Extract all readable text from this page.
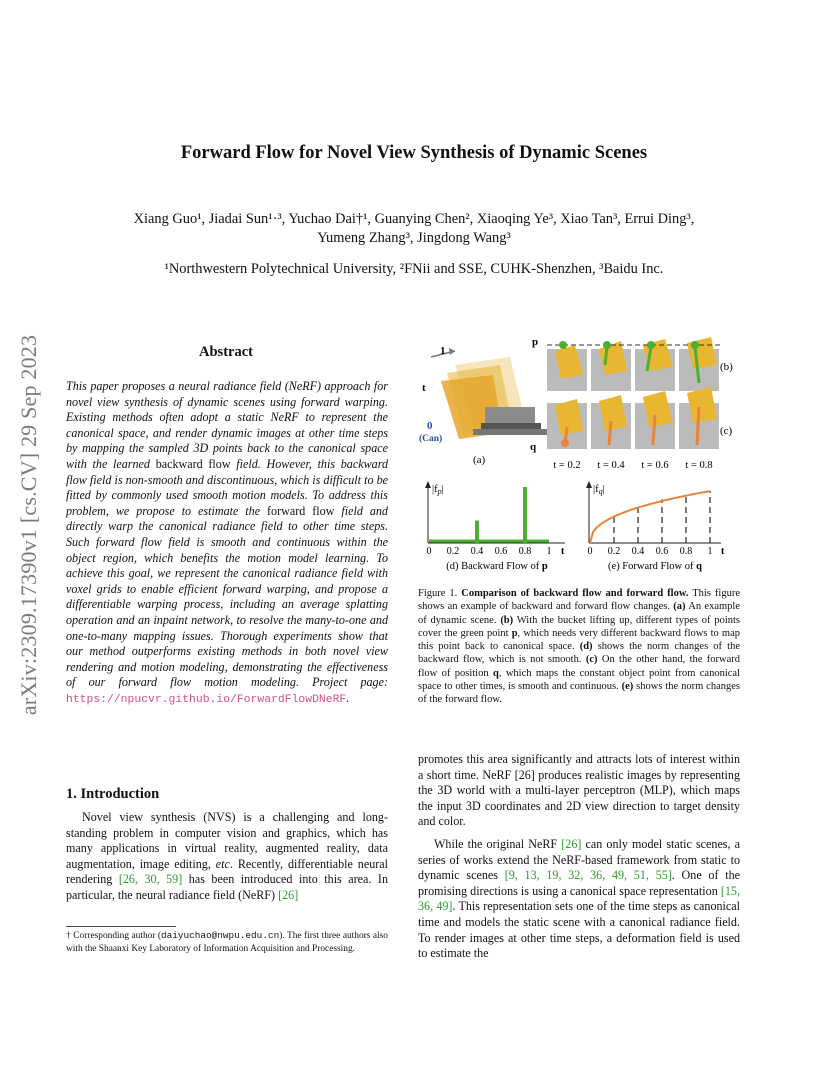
arXiv:2309.17390v1 [cs.CV] 29 Sep 2023
Forward Flow for Novel View Synthesis of Dynamic Scenes
Xiang Guo¹, Jiadai Sun¹·³, Yuchao Dai†¹, Guanying Chen², Xiaoqing Ye³, Xiao Tan³, Errui Ding³,
Yumeng Zhang³, Jingdong Wang³
¹Northwestern Polytechnical University, ²FNii and SSE, CUHK-Shenzhen, ³Baidu Inc.
Abstract
This paper proposes a neural radiance field (NeRF) approach for novel view synthesis of dynamic scenes using forward warping. Existing methods often adopt a static NeRF to represent the canonical space, and render dynamic images at other time steps by mapping the sampled 3D points back to the canonical space with the learned backward flow field. However, this backward flow field is non-smooth and discontinuous, which is difficult to be fitted by commonly used smooth motion models. To address this problem, we propose to estimate the forward flow field and directly warp the canonical radiance field to other time steps. Such forward flow field is smooth and continuous within the object region, which benefits the motion model learning. To achieve this goal, we represent the canonical radiance field with voxel grids to enable efficient forward warping, and propose a differentiable warping process, including an average splatting operation and an inpaint network, to resolve the many-to-one and one-to-many mapping issues. Thorough experiments show that our method outperforms existing methods in both novel view rendering and motion modeling, demonstrating the effectiveness of our forward flow motion modeling. Project page: https://npucvr.github.io/ForwardFlowDNeRF.
1. Introduction
Novel view synthesis (NVS) is a challenging and long-standing problem in computer vision and graphics, which has many applications in virtual reality, augmented reality, data augmentation, image editing, etc. Recently, differentiable neural rendering [26, 30, 59] has been introduced into this area. In particular, the neural radiance field (NeRF) [26]
† Corresponding author (daiyuchao@nwpu.edu.cn). The first three authors also with the Shaanxi Key Laboratory of Information Acquisition and Processing.
1
t
0
(Can)
(a)
p
q
(b)
(c)
t = 0.2 t = 0.4 t = 0.6 t = 0.8
|fp|
t
0 0.2 0.4 0.6 0.8 1
|fq|
t
0 0.2 0.4 0.6 0.8 1
(d) Backward Flow of p	(e) Forward Flow of q
Figure 1. Comparison of backward flow and forward flow. This figure shows an example of backward and forward flow changes. (a) An example of dynamic scene. (b) With the bucket lifting up, different types of points cover the green point p, which needs very different backward flows to map this point back to canonical space. (d) shows the norm changes of the backward flow, which is not smooth. (c) On the other hand, the forward flow of position q, which maps the constant object point from canonical space to other times, is smooth and continuous. (e) shows the norm changes of the forward flow.

promotes this area significantly and attracts lots of interest within a short time. NeRF [26] produces realistic images by representing the 3D world with a multi-layer perceptron (MLP), which maps the input 3D coordinates and 2D view direction to target density and color.

While the original NeRF [26] can only model static scenes, a series of works extend the NeRF-based framework from static to dynamic scenes [9, 13, 19, 32, 36, 49, 51, 55]. One of the promising directions is using a canonical space representation [15, 36, 49]. This representation sets one of the time steps as canonical time and models the static scene with a canonical radiance field. To render images at other time steps, a deformation field is used to estimate the
